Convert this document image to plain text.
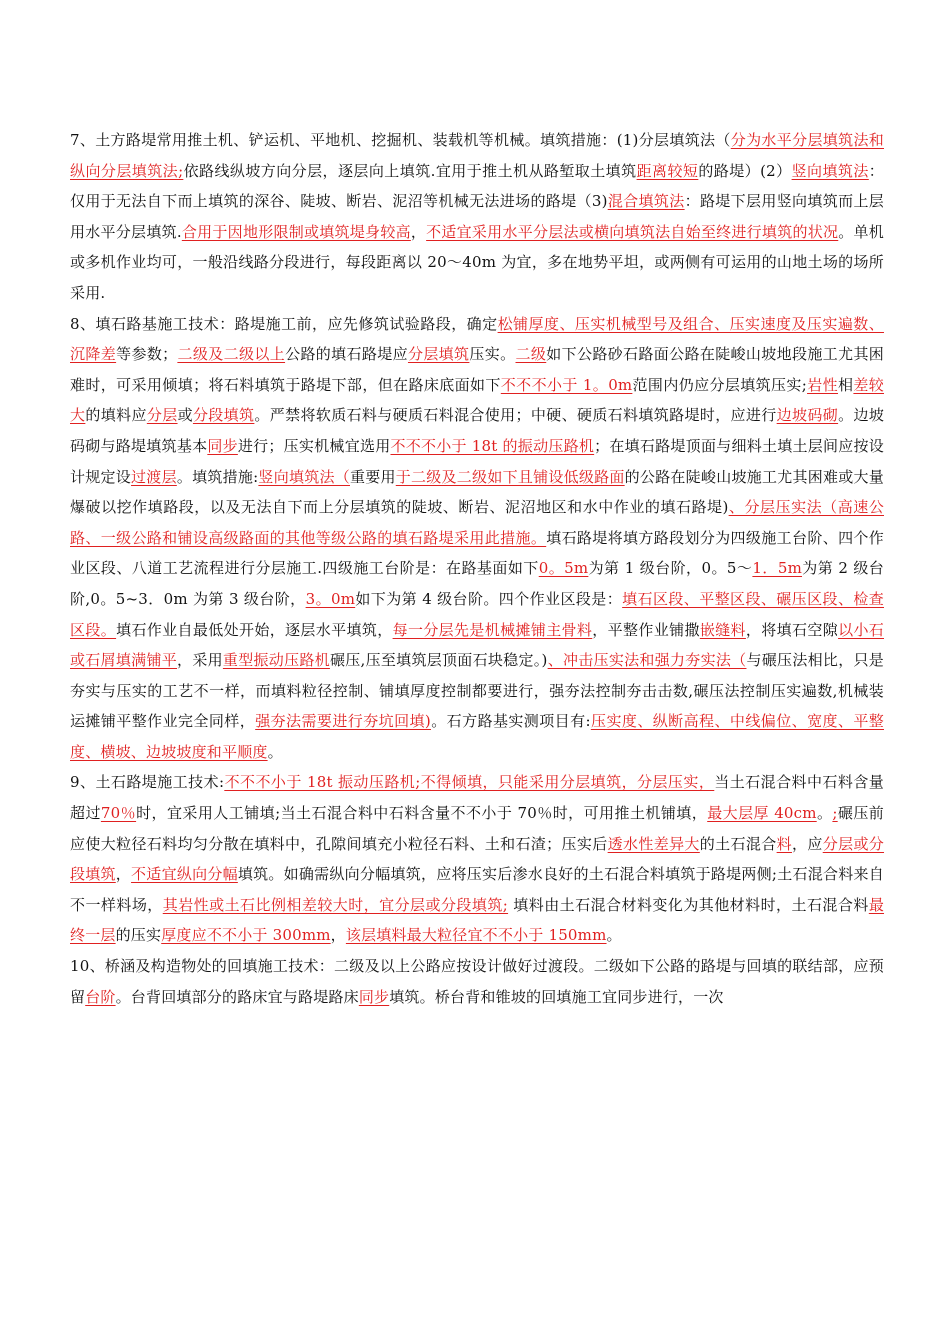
7、土方路堤常用推土机、铲运机、平地机、挖掘机、装载机等机械。填筑措施：(1)分层填筑法（分为水平分层填筑法和纵向分层填筑法;依路线纵坡方向分层，逐层向上填筑.宜用于推土机从路堑取土填筑距离较短的路堤）(2）竖向填筑法：仅用于无法自下而上填筑的深谷、陡坡、断岩、泥沼等机械无法进场的路堤（3)混合填筑法：路堤下层用竖向填筑而上层用水平分层填筑.合用于因地形限制或填筑堤身较高，不适宜采用水平分层法或横向填筑法自始至终进行填筑的状况。单机或多机作业均可，一般沿线路分段进行，每段距离以 20～40m 为宜，多在地势平坦，或两侧有可运用的山地土场的场所采用.

8、填石路基施工技术：路堤施工前，应先修筑试验路段，确定松铺厚度、压实机械型号及组合、压实速度及压实遍数、沉降差等参数；二级及二级以上公路的填石路堤应分层填筑压实。二级如下公路砂石路面公路在陡峻山坡地段施工尤其困难时，可采用倾填；将石料填筑于路堤下部，但在路床底面如下不不不小于 1。0m范围内仍应分层填筑压实;岩性相差较大的填料应分层或分段填筑。严禁将软质石料与硬质石料混合使用；中硬、硬质石料填筑路堤时，应进行边坡码砌。边坡码砌与路堤填筑基本同步进行；压实机械宜选用不不不小于 18t 的振动压路机；在填石路堤顶面与细料土填土层间应按设计规定设过渡层。填筑措施:竖向填筑法（重要用于二级及二级如下且铺设低级路面的公路在陡峻山坡施工尤其困难或大量爆破以挖作填路段，以及无法自下而上分层填筑的陡坡、断岩、泥沼地区和水中作业的填石路堤)、分层压实法（高速公路、一级公路和铺设高级路面的其他等级公路的填石路堤采用此措施。填石路堤将填方路段划分为四级施工台阶、四个作业区段、八道工艺流程进行分层施工.四级施工台阶是：在路基面如下0。5m为第 1 级台阶，0。5～1．5m为第 2 级台阶,0。5~3．0m 为第 3 级台阶，3。0m如下为第 4 级台阶。四个作业区段是：填石区段、平整区段、碾压区段、检查区段。填石作业自最低处开始，逐层水平填筑，每一分层先是机械摊铺主骨料，平整作业铺撒嵌缝料，将填石空隙以小石或石屑填满铺平，采用重型振动压路机碾压,压至填筑层顶面石块稳定。)、冲击压实法和强力夯实法（与碾压法相比，只是夯实与压实的工艺不一样，而填料粒径控制、铺填厚度控制都要进行，强夯法控制夯击击数,碾压法控制压实遍数,机械装运摊铺平整作业完全同样，强夯法需要进行夯坑回填)。石方路基实测项目有:压实度、纵断高程、中线偏位、宽度、平整度、横坡、边坡坡度和平顺度。

9、土石路堤施工技术:不不不小于 18t 振动压路机;不得倾填，只能采用分层填筑，分层压实，当土石混合料中石料含量超过70％时，宜采用人工铺填;当土石混合料中石料含量不不小于 70％时，可用推土机铺填，最大层厚 40cm。;碾压前应使大粒径石料均匀分散在填料中，孔隙间填充小粒径石料、土和石渣；压实后透水性差异大的土石混合料，应分层或分段填筑，不适宜纵向分幅填筑。如确需纵向分幅填筑，应将压实后渗水良好的土石混合料填筑于路堤两侧;土石混合料来自不一样料场，其岩性或土石比例相差较大时，宜分层或分段填筑; 填料由土石混合材料变化为其他材料时，土石混合料最终一层的压实厚度应不不小于 300mm，该层填料最大粒径宜不不小于 150mm。

10、桥涵及构造物处的回填施工技术：二级及以上公路应按设计做好过渡段。二级如下公路的路堤与回填的联结部，应预留台阶。台背回填部分的路床宜与路堤路床同步填筑。桥台背和锥坡的回填施工宜同步进行，一次
